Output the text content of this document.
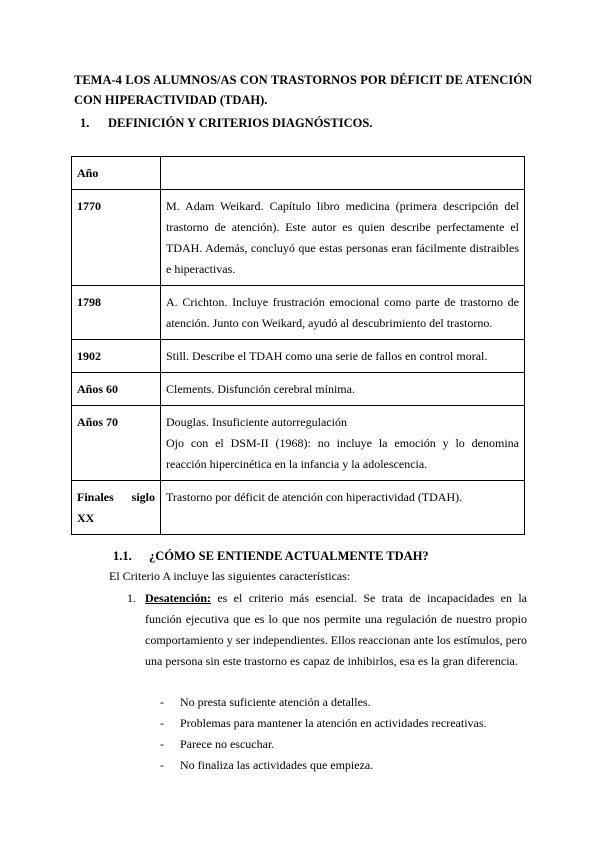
TEMA-4 LOS ALUMNOS/AS CON TRASTORNOS POR DÉFICIT DE ATENCIÓN CON HIPERACTIVIDAD (TDAH).
1. DEFINICIÓN Y CRITERIOS DIAGNÓSTICOS.
Año	
1770	M. Adam Weikard. Capítulo libro medicina (primera descripción del trastorno de atención). Este autor es quien describe perfectamente el TDAH. Además, concluyó que estas personas eran fácilmente distraibles e hiperactivas.
1798	A. Crichton. Incluye frustración emocional como parte de trastorno de atención. Junto con Weikard, ayudó al descubrimiento del trastorno.
1902	Still. Describe el TDAH como una serie de fallos en control moral.
Años 60	Clements. Disfunción cerebral mínima.
Años 70	Douglas. Insuficiente autorregulación
Ojo con el DSM-II (1968): no incluye la emoción y lo denomina reacción hipercinética en la infancia y la adolescencia.

Finales siglo
XX	Trastorno por déficit de atención con hiperactividad (TDAH).
1.1. ¿CÓMO SE ENTIENDE ACTUALMENTE TDAH?
El Criterio A incluye las siguientes características:
1. Desatención: es el criterio más esencial. Se trata de incapacidades en la función ejecutiva que es lo que nos permite una regulación de nuestro propio comportamiento y ser independientes. Ellos reaccionan ante los estímulos, pero una persona sin este trastorno es capaz de inhibirlos, esa es la gran diferencia.
- No presta suficiente atención a detalles.
- Problemas para mantener la atención en actividades recreativas.
- Parece no escuchar.
- No finaliza las actividades que empieza.
